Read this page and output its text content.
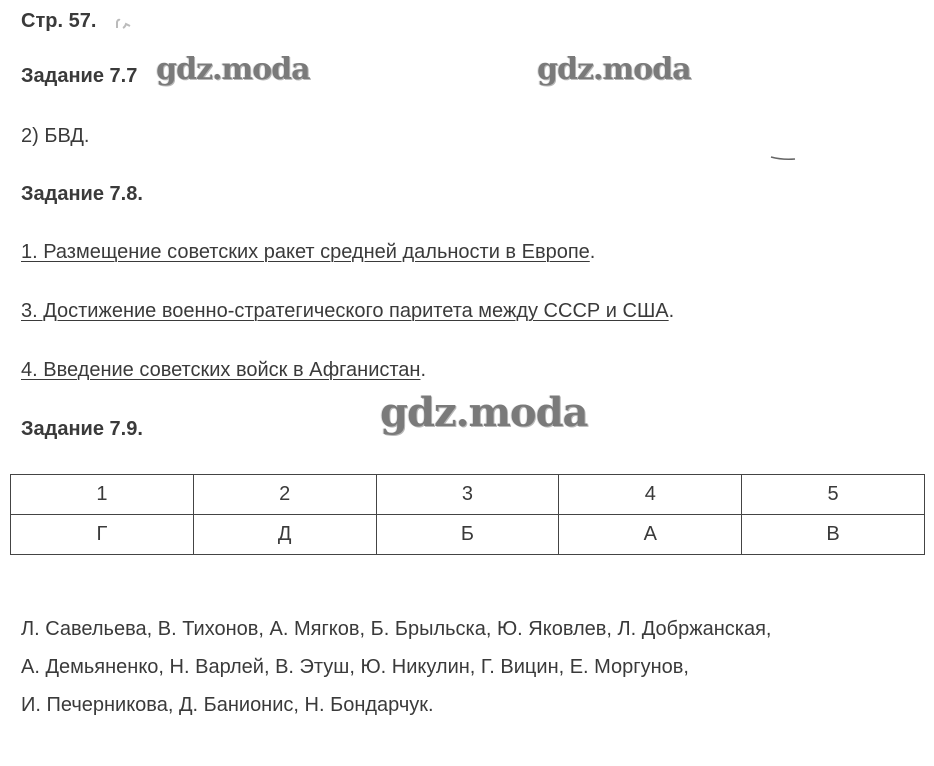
Стр. 57.
Задание 7.7
2) БВД.
Задание 7.8.
1. Размещение советских ракет средней дальности в Европе.
3. Достижение военно-стратегического паритета между СССР и США.
4. Введение советских войск в Афганистан.
Задание 7.9.
1	2	3	4	5
Г	Д	Б	А	В
Л. Савельева, В. Тихонов, А. Мягков, Б. Брыльска, Ю. Яковлев, Л. Добржанская,
А. Демьяненко, Н. Варлей, В. Этуш, Ю. Никулин, Г. Вицин, Е. Моргунов,
И. Печерникова, Д. Банионис, Н. Бондарчук.
gdz.moda	gdz.moda
gdz.moda
